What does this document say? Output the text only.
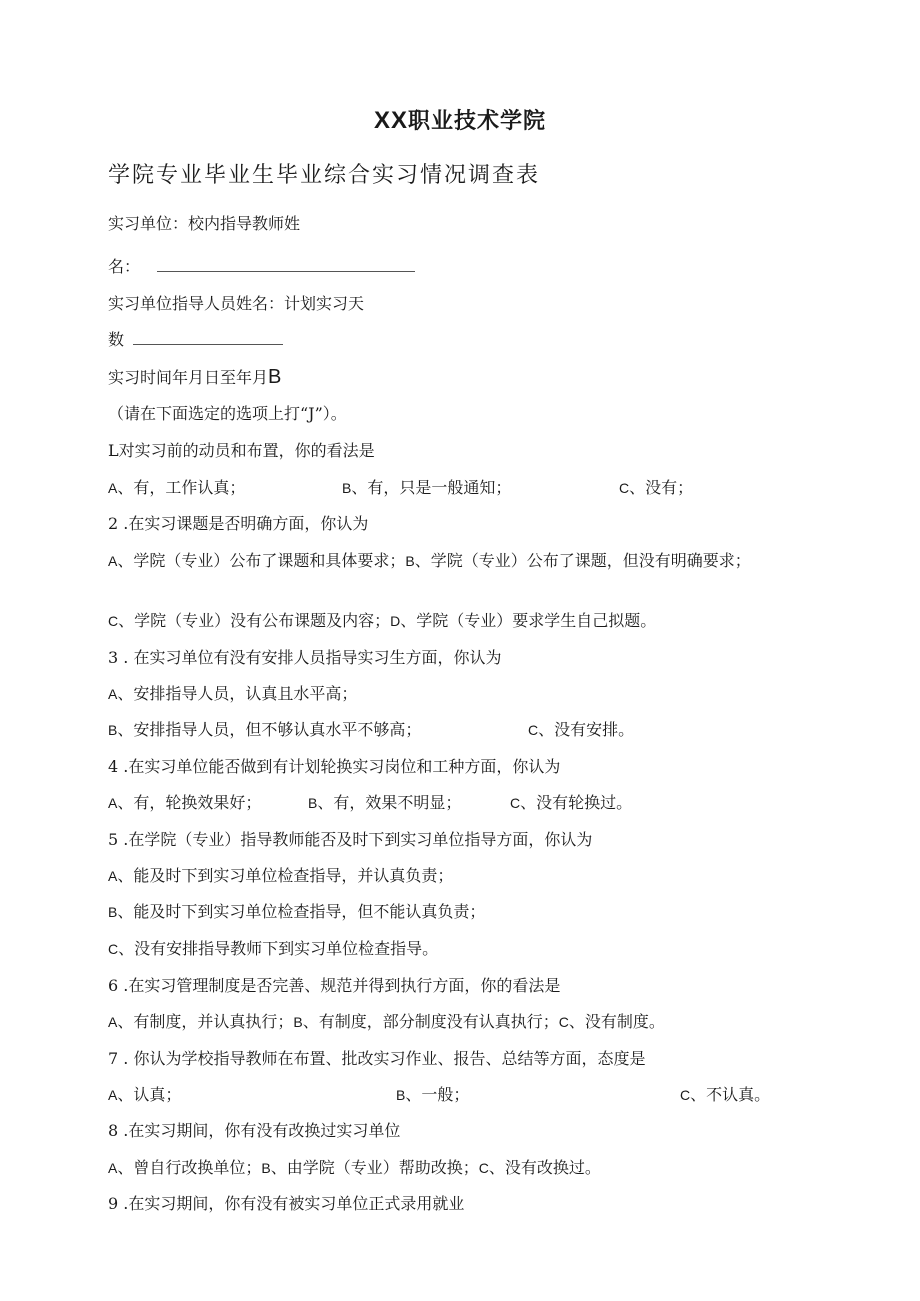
XX职业技术学院
学院专业毕业生毕业综合实习情况调查表
实习单位：校内指导教师姓
名：
实习单位指导人员姓名：计划实习天
数
实习时间年月日至年月B
（请在下面选定的选项上打“J”）。
L对实习前的动员和布置，你的看法是
A、有，工作认真；	B、有，只是一般通知；	C、没有；
2 .在实习课题是否明确方面，你认为
A、学院（专业）公布了课题和具体要求；B、学院（专业）公布了课题，但没有明确要求；
C、学院（专业）没有公布课题及内容；D、学院（专业）要求学生自己拟题。
3 . 在实习单位有没有安排人员指导实习生方面，你认为
A、安排指导人员，认真且水平高；
B、安排指导人员，但不够认真水平不够高；	C、没有安排。
4 .在实习单位能否做到有计划轮换实习岗位和工种方面，你认为
A、有，轮换效果好；	B、有，效果不明显；	C、没有轮换过。
5 .在学院（专业）指导教师能否及时下到实习单位指导方面，你认为
A、能及时下到实习单位检查指导，并认真负责；
B、能及时下到实习单位检查指导，但不能认真负责；
C、没有安排指导教师下到实习单位检查指导。
6 .在实习管理制度是否完善、规范并得到执行方面，你的看法是
A、有制度，并认真执行；B、有制度，部分制度没有认真执行；C、没有制度。
7 . 你认为学校指导教师在布置、批改实习作业、报告、总结等方面，态度是
A、认真；	B、一般；	C、不认真。
8 .在实习期间，你有没有改换过实习单位
A、曾自行改换单位；B、由学院（专业）帮助改换；C、没有改换过。
9 .在实习期间，你有没有被实习单位正式录用就业
